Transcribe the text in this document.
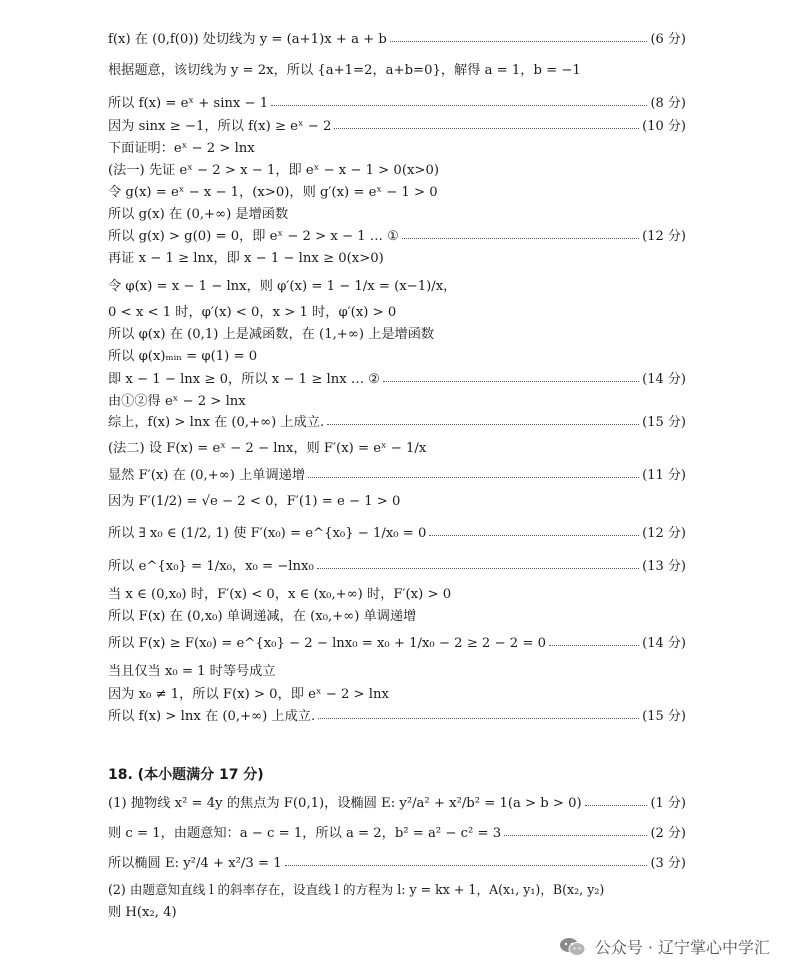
f(x) 在 (0,f(0)) 处切线为 y = (a+1)x + a + b	(6 分)
根据题意，该切线为 y = 2x，所以 {a+1=2，a+b=0}，解得 a = 1，b = −1
所以 f(x) = eˣ + sinx − 1	(8 分)
因为 sinx ≥ −1，所以 f(x) ≥ eˣ − 2	(10 分)
下面证明：eˣ − 2 > lnx
(法一) 先证 eˣ − 2 > x − 1，即 eˣ − x − 1 > 0(x>0)
令 g(x) = eˣ − x − 1，(x>0)，则 g′(x) = eˣ − 1 > 0
所以 g(x) 在 (0,+∞) 是增函数
所以 g(x) > g(0) = 0，即 eˣ − 2 > x − 1 … ①	(12 分)
再证 x − 1 ≥ lnx，即 x − 1 − lnx ≥ 0(x>0)
令 φ(x) = x − 1 − lnx，则 φ′(x) = 1 − 1/x = (x−1)/x，
0 < x < 1 时，φ′(x) < 0，x > 1 时，φ′(x) > 0
所以 φ(x) 在 (0,1) 上是减函数，在 (1,+∞) 上是增函数
所以 φ(x)ₘᵢₙ = φ(1) = 0
即 x − 1 − lnx ≥ 0，所以 x − 1 ≥ lnx … ②	(14 分)
由①②得 eˣ − 2 > lnx
综上，f(x) > lnx 在 (0,+∞) 上成立.	(15 分)
(法二) 设 F(x) = eˣ − 2 − lnx，则 F′(x) = eˣ − 1/x
显然 F′(x) 在 (0,+∞) 上单调递增	(11 分)
因为 F′(1/2) = √e − 2 < 0，F′(1) = e − 1 > 0
所以 ∃ x₀ ∈ (1/2, 1) 使 F′(x₀) = e^{x₀} − 1/x₀ = 0	(12 分)
所以 e^{x₀} = 1/x₀，x₀ = −lnx₀	(13 分)
当 x ∈ (0,x₀) 时，F′(x) < 0，x ∈ (x₀,+∞) 时，F′(x) > 0
所以 F(x) 在 (0,x₀) 单调递减，在 (x₀,+∞) 单调递增
所以 F(x) ≥ F(x₀) = e^{x₀} − 2 − lnx₀ = x₀ + 1/x₀ − 2 ≥ 2 − 2 = 0	(14 分)
当且仅当 x₀ = 1 时等号成立
因为 x₀ ≠ 1，所以 F(x) > 0，即 eˣ − 2 > lnx
所以 f(x) > lnx 在 (0,+∞) 上成立.	(15 分)
18. (本小题满分 17 分)
(1) 抛物线 x² = 4y 的焦点为 F(0,1)，设椭圆 E: y²/a² + x²/b² = 1(a > b > 0)	(1 分)
则 c = 1，由题意知：a − c = 1，所以 a = 2，b² = a² − c² = 3	(2 分)
所以椭圆 E: y²/4 + x²/3 = 1	(3 分)
(2) 由题意知直线 l 的斜率存在，设直线 l 的方程为 l: y = kx + 1，A(x₁, y₁)，B(x₂, y₂)
则 H(x₂, 4)
公众号 · 辽宁掌心中学汇
